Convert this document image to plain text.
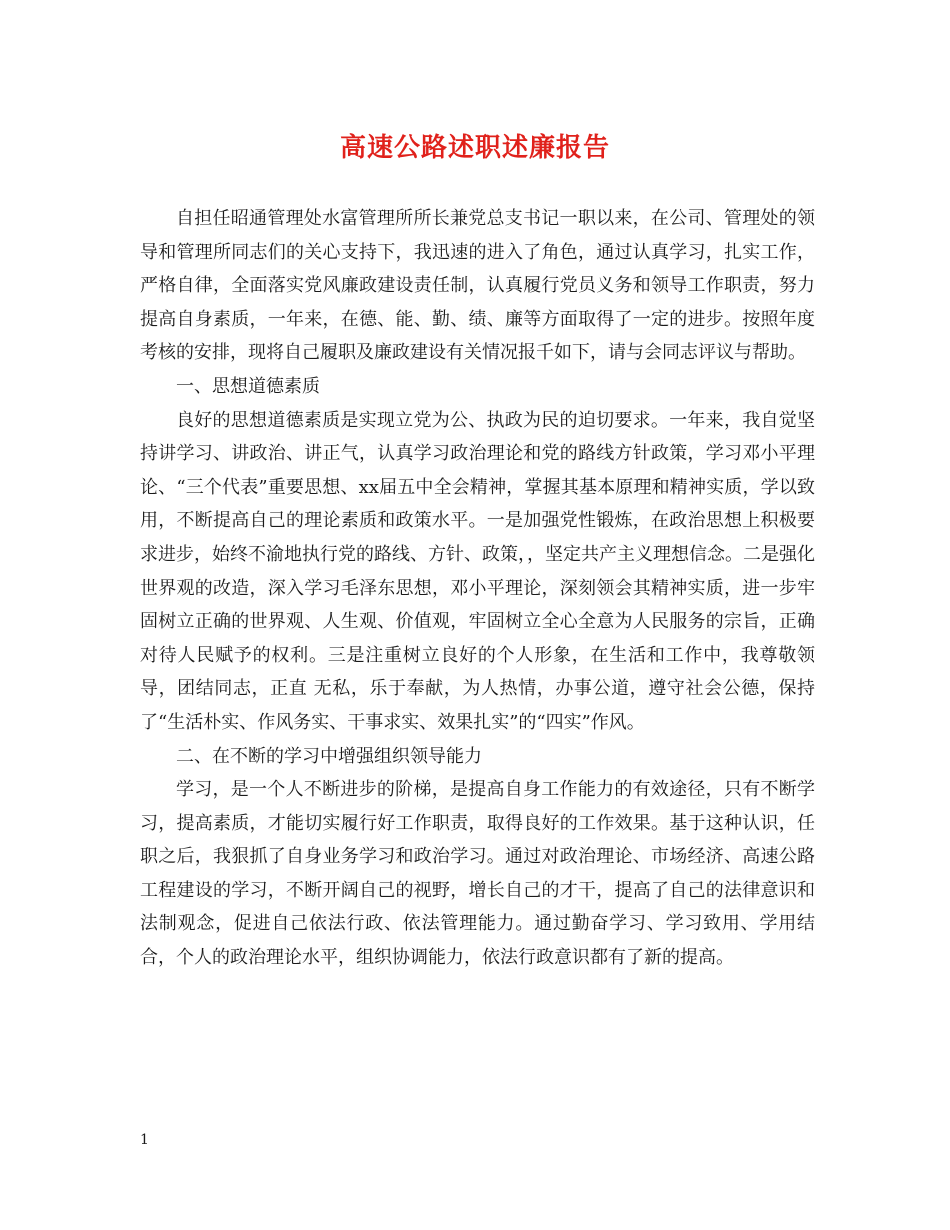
高速公路述职述廉报告

自担任昭通管理处水富管理所所长兼党总支书记一职以来，在公司、管理处的领导和管理所同志们的关心支持下，我迅速的进入了角色，通过认真学习，扎实工作，严格自律，全面落实党风廉政建设责任制，认真履行党员义务和领导工作职责，努力提高自身素质，一年来，在德、能、勤、绩、廉等方面取得了一定的进步。按照年度考核的安排，现将自己履职及廉政建设有关情况报千如下，请与会同志评议与帮助。

一、思想道德素质

良好的思想道德素质是实现立党为公、执政为民的迫切要求。一年来，我自觉坚持讲学习、讲政治、讲正气，认真学习政治理论和党的路线方针政策，学习邓小平理论、“三个代表”重要思想、xx届五中全会精神，掌握其基本原理和精神实质，学以致用，不断提高自己的理论素质和政策水平。一是加强党性锻炼，在政治思想上积极要求进步，始终不渝地执行党的路线、方针、政策，，坚定共产主义理想信念。二是强化世界观的改造，深入学习毛泽东思想，邓小平理论，深刻领会其精神实质，进一步牢固树立正确的世界观、人生观、价值观，牢固树立全心全意为人民服务的宗旨，正确对待人民赋予的权利。三是注重树立良好的个人形象，在生活和工作中，我尊敬领导，团结同志，正直 无私，乐于奉献，为人热情，办事公道，遵守社会公德，保持了“生活朴实、作风务实、干事求实、效果扎实”的“四实”作风。

二、在不断的学习中增强组织领导能力

学习，是一个人不断进步的阶梯，是提高自身工作能力的有效途径，只有不断学习，提高素质，才能切实履行好工作职责，取得良好的工作效果。基于这种认识，任职之后，我狠抓了自身业务学习和政治学习。通过对政治理论、市场经济、高速公路工程建设的学习，不断开阔自己的视野，增长自己的才干，提高了自己的法律意识和法制观念，促进自己依法行政、依法管理能力。通过勤奋学习、学习致用、学用结合，个人的政治理论水平，组织协调能力，依法行政意识都有了新的提高。

1
